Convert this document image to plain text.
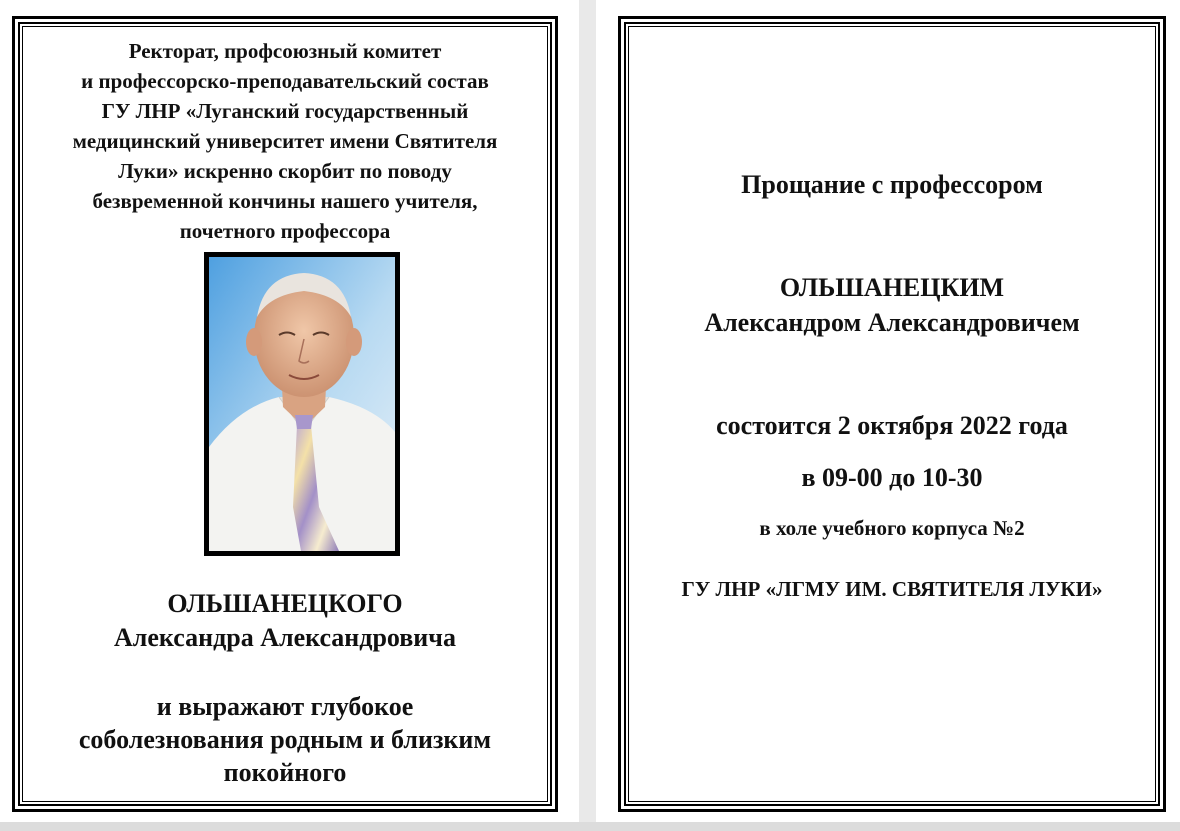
Ректорат, профсоюзный комитет
и профессорско-преподавательский состав
ГУ ЛНР «Луганский государственный
медицинский университет имени Святителя
Луки» искренно скорбит по поводу
безвременной кончины нашего учителя,
почетного профессора
ОЛЬШАНЕЦКОГО
Александра Александровича
и выражают глубокое
соболезнования родным и близким
покойного
Прощание с профессором
ОЛЬШАНЕЦКИМ
Александром Александровичем
состоится 2 октября 2022 года
в 09-00 до 10-30
в холе учебного корпуса №2
ГУ ЛНР «ЛГМУ ИМ. СВЯТИТЕЛЯ ЛУКИ»
